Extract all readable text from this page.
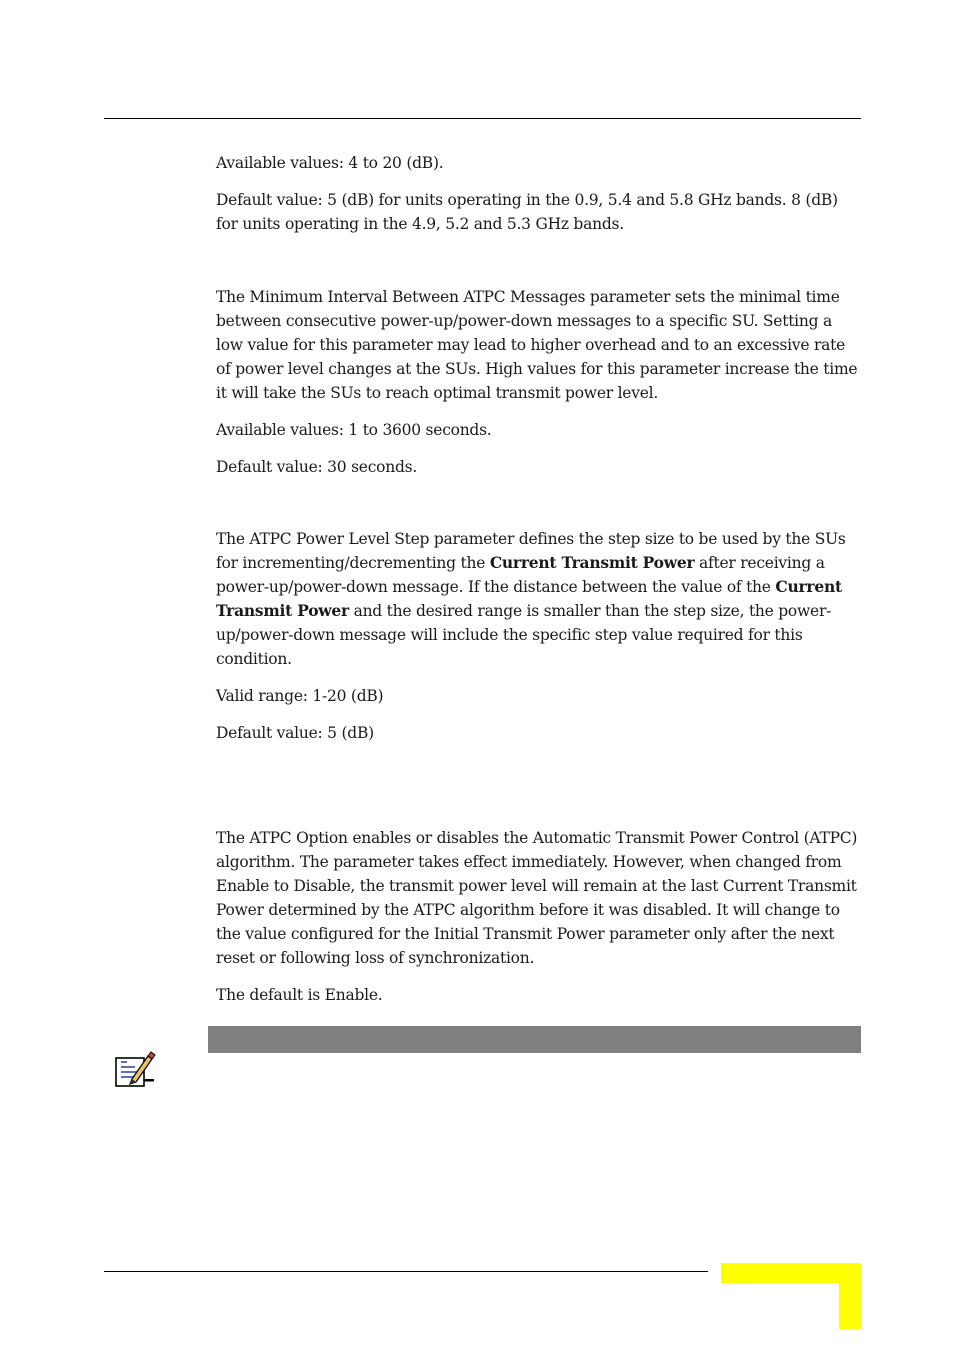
Available values: 4 to 20 (dB).

Default value: 5 (dB) for units operating in the 0.9, 5.4 and 5.8 GHz bands. 8 (dB) for units operating in the 4.9, 5.2 and 5.3 GHz bands.

The Minimum Interval Between ATPC Messages parameter sets the minimal time between consecutive power-up/power-down messages to a specific SU. Setting a low value for this parameter may lead to higher overhead and to an excessive rate of power level changes at the SUs. High values for this parameter increase the time it will take the SUs to reach optimal transmit power level.

Available values: 1 to 3600 seconds.

Default value: 30 seconds.

The ATPC Power Level Step parameter defines the step size to be used by the SUs for incrementing/decrementing the Current Transmit Power after receiving a power-up/power-down message. If the distance between the value of the Current Transmit Power and the desired range is smaller than the step size, the power-up/power-down message will include the specific step value required for this condition.

Valid range: 1-20 (dB)

Default value: 5 (dB)

The ATPC Option enables or disables the Automatic Transmit Power Control (ATPC) algorithm. The parameter takes effect immediately. However, when changed from Enable to Disable, the transmit power level will remain at the last Current Transmit Power determined by the ATPC algorithm before it was disabled. It will change to the value configured for the Initial Transmit Power parameter only after the next reset or following loss of synchronization.

The default is Enable.
